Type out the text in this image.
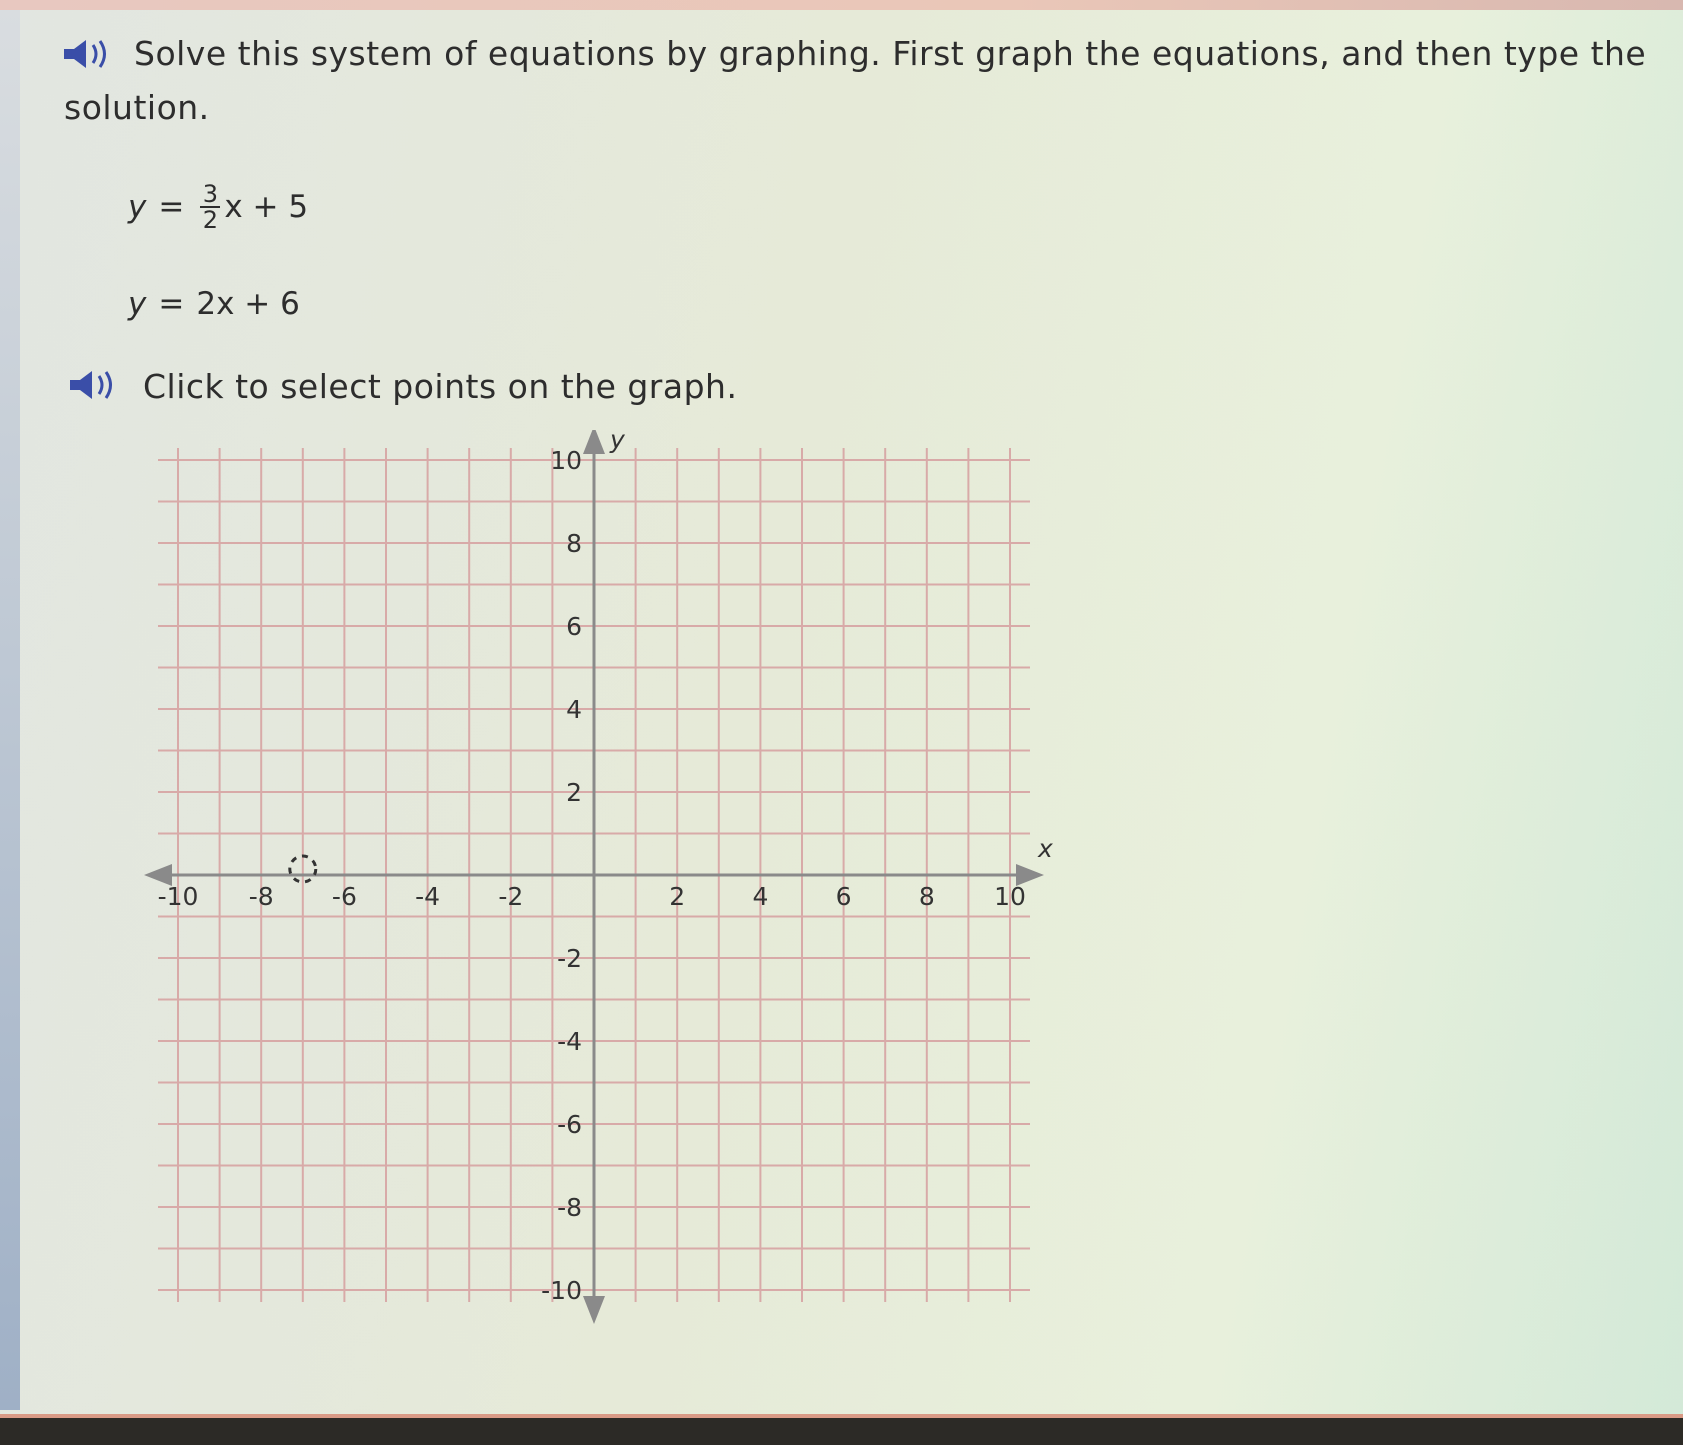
Solve this system of equations by graphing. First graph the equations, and then type the
solution.
$y = \frac{3}{2}$ x + 5
y = 2x + 6
Click to select points on the graph.
x
y
-10 -8 -6 -4 -2	2	4	6	8 10
10
8
6
4
2
-2
-4
-6
-8
-10
